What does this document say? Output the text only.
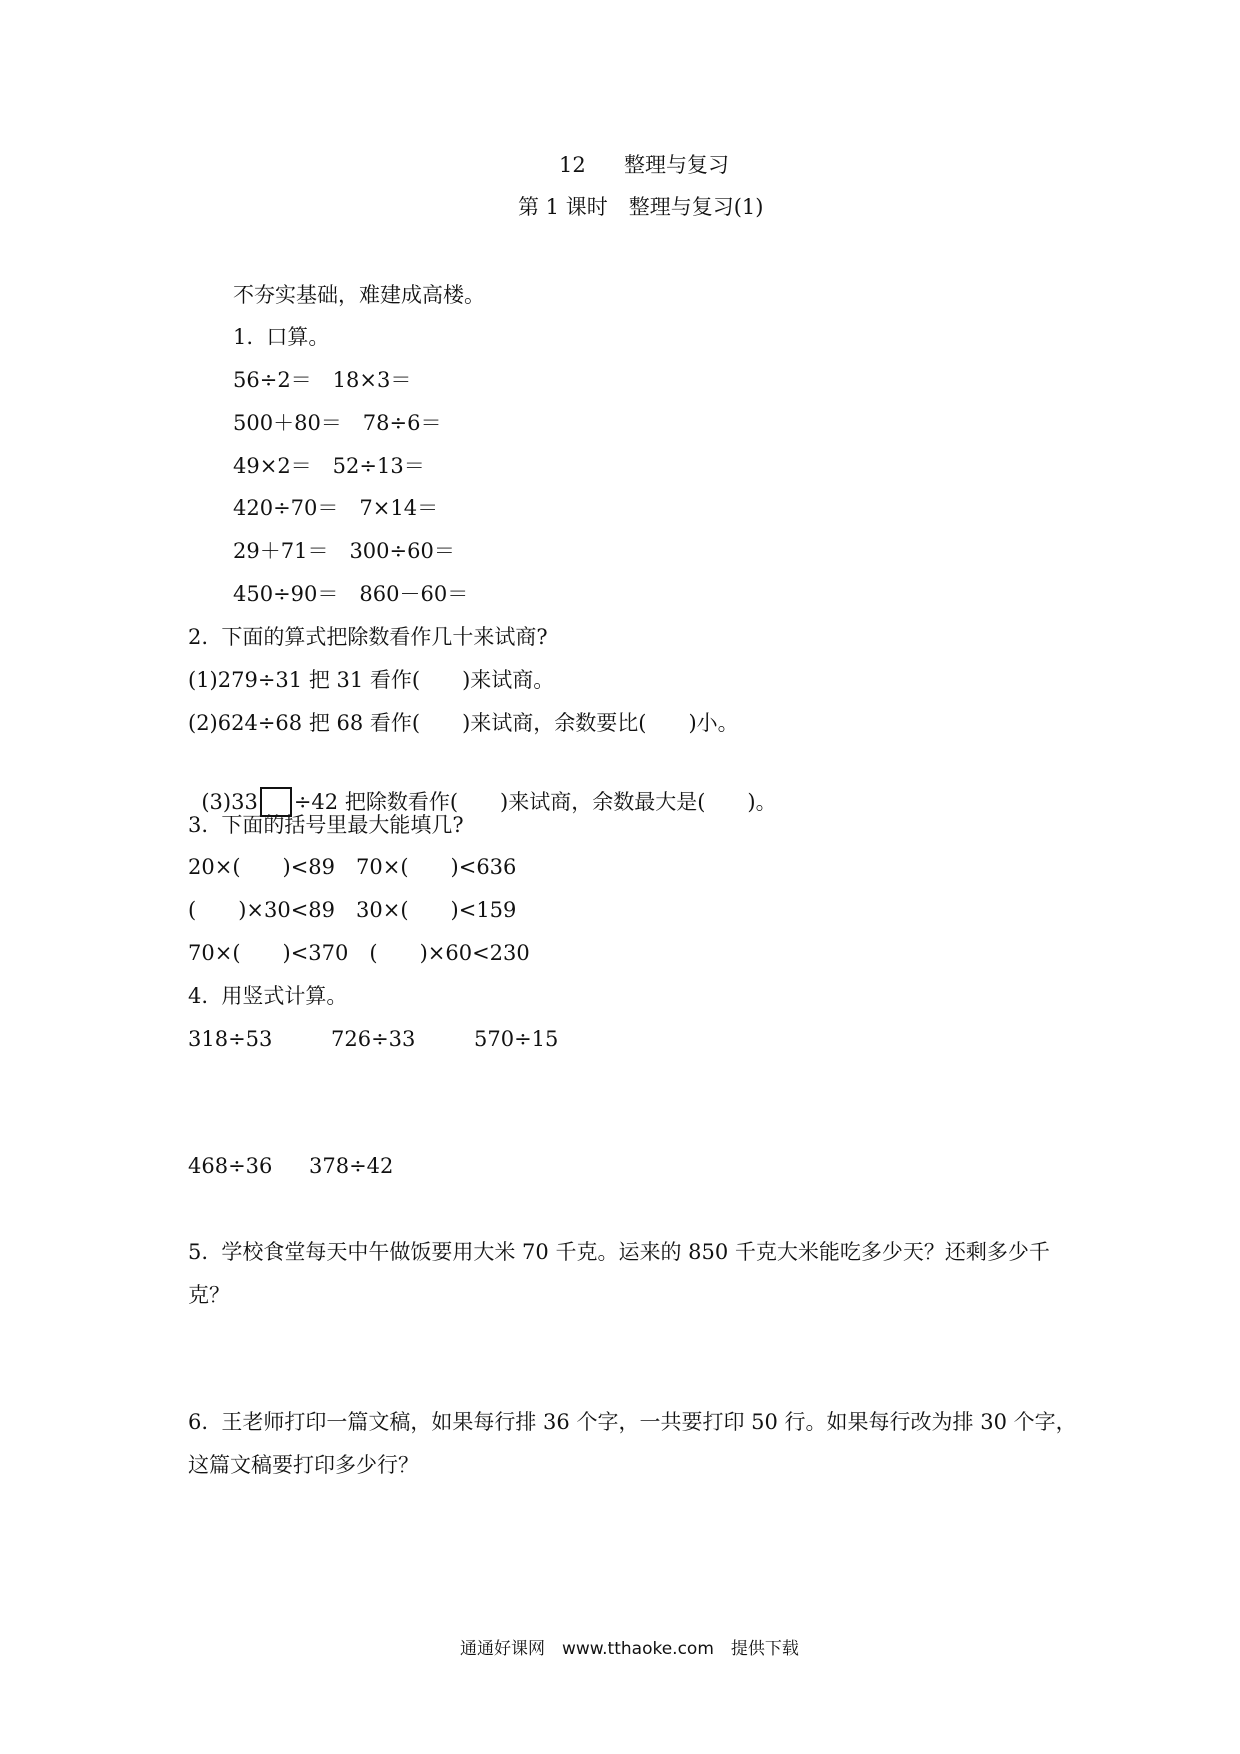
12 整理与复习
第 1 课时　整理与复习(1)
不夯实基础，难建成高楼。
1.  口算。
56÷2＝　18×3＝
500＋80＝　78÷6＝
49×2＝　52÷13＝
420÷70＝　7×14＝
29＋71＝　300÷60＝
450÷90＝　860－60＝
2.  下面的算式把除数看作几十来试商?
(1)279÷31 把 31 看作(　　)来试商。
(2)624÷68 把 68 看作(　　)来试商，余数要比(　　)小。

(3)33 ÷42 把除数看作(　　)来试商，余数最大是(　　)。

3.  下面的括号里最大能填几?
20×(　　)<89　70×(　　)<636
(　　)×30<89　30×(　　)<159
70×(　　)<370　(　　)×60<230
4.  用竖式计算。
318÷53	726÷33	570÷15
468÷36 378÷42
5.  学校食堂每天中午做饭要用大米 70 千克。运来的 850 千克大米能吃多少天？还剩多少千
克？
6.  王老师打印一篇文稿，如果每行排 36 个字，一共要打印 50 行。如果每行改为排 30 个字，
这篇文稿要打印多少行？
通通好课网　www.tthaoke.com　提供下载
